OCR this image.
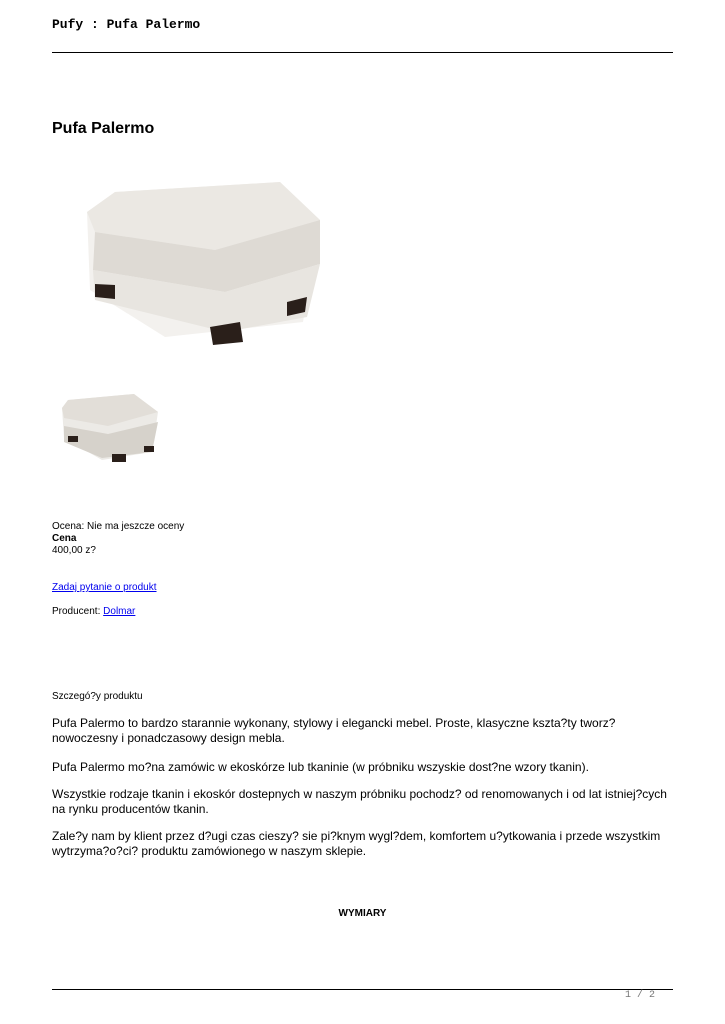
Pufy : Pufa Palermo
Pufa Palermo
Ocena: Nie ma jeszcze oceny
Cena
400,00 z?
Zadaj pytanie o produkt
Producent: Dolmar
Szczegó?y produktu

Pufa Palermo to bardzo starannie wykonany, stylowy i elegancki mebel. Proste, klasyczne kszta?ty tworz? nowoczesny i ponadczasowy design mebla.

Pufa Palermo mo?na zamówic w ekoskórze lub tkaninie (w próbniku wszyskie dost?ne wzory tkanin).

Wszystkie rodzaje tkanin i ekoskór dostepnych w naszym próbniku pochodz? od renomowanych i od lat istniej?cych na rynku producentów tkanin.

Zale?y nam by klient przez d?ugi czas cieszy? sie pi?knym wygl?dem, komfortem u?ytkowania i przede wszystkim wytrzyma?o?ci? produktu zamówionego w naszym sklepie.

WYMIARY
1 / 2
